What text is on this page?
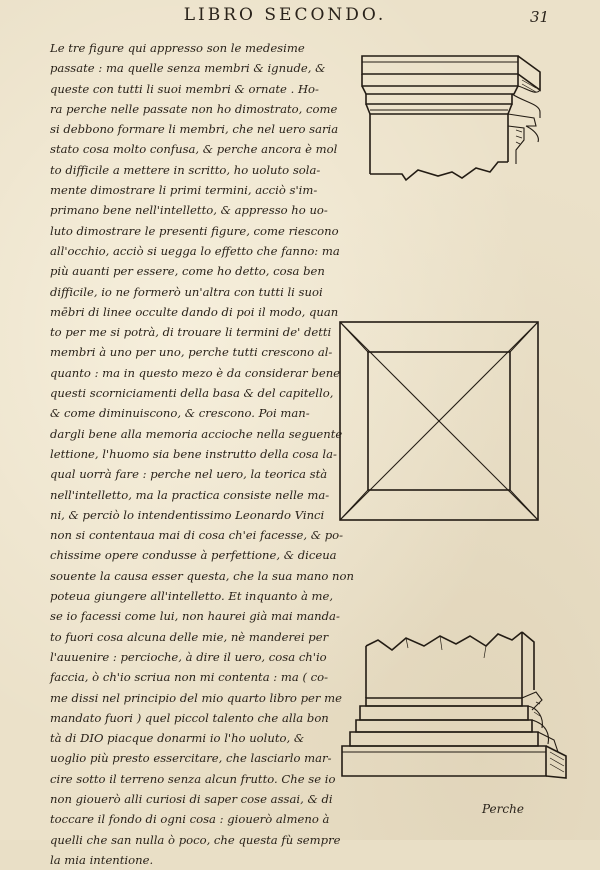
LIBRO SECONDO.	31
Le tre figure qui appresso son le medesime
passate : ma quelle senza membri & ignude, &
queste con tutti li suoi membri & ornate . Ho-
ra perche nelle passate non ho dimostrato, come
si debbono formare li membri, che nel uero saria
stato cosa molto confusa, & perche ancora è mol
to difficile a mettere in scritto, ho uoluto sola-
mente dimostrare li primi termini, acciò s'im-
primano bene nell'intelletto, & appresso ho uo-
luto dimostrare le presenti figure, come riescono
all'occhio, acciò si uegga lo effetto che fanno: ma
più auanti per essere, come ho detto, cosa ben
difficile, io ne formerò un'altra con tutti li suoi
mēbri di linee occulte dando di poi il modo, quan
to per me si potrà, di trouare li termini de' detti
membri à uno per uno, perche tutti crescono al-
quanto : ma in questo mezo è da considerar bene
questi scorniciamenti della basa & del capitello,
& come diminuiscono, & crescono. Poi man-
dargli bene alla memoria accioche nella seguente
lettione, l'huomo sia bene instrutto della cosa la-
qual uorrà fare : perche nel uero, la teorica stà
nell'intelletto, ma la practica consiste nelle ma-
ni, & perciò lo intendentissimo Leonardo Vinci
non si contentaua mai di cosa ch'ei facesse, & po-
chissime opere condusse à perfettione, & diceua
souente la causa esser questa, che la sua mano non
poteua giungere all'intelletto. Et inquanto à me,
se io facessi come lui, non haurei già mai manda-
to fuori cosa alcuna delle mie, nè manderei per
l'auuenire : percioche, à dire il uero, cosa ch'io
faccia, ò ch'io scriua non mi contenta : ma ( co-
me dissi nel principio del mio quarto libro per me
mandato fuori ) quel piccol talento che alla bon
tà di DIO piacque donarmi io l'ho uoluto, &
uoglio più presto essercitare, che lasciarlo mar-
cire sotto il terreno senza alcun frutto. Che se io
non giouerò alli curiosi di saper cose assai, & di
toccare il fondo di ogni cosa : giouerò almeno à
quelli che san nulla ò poco, che questa fù sempre
la mia intentione.
Perche
